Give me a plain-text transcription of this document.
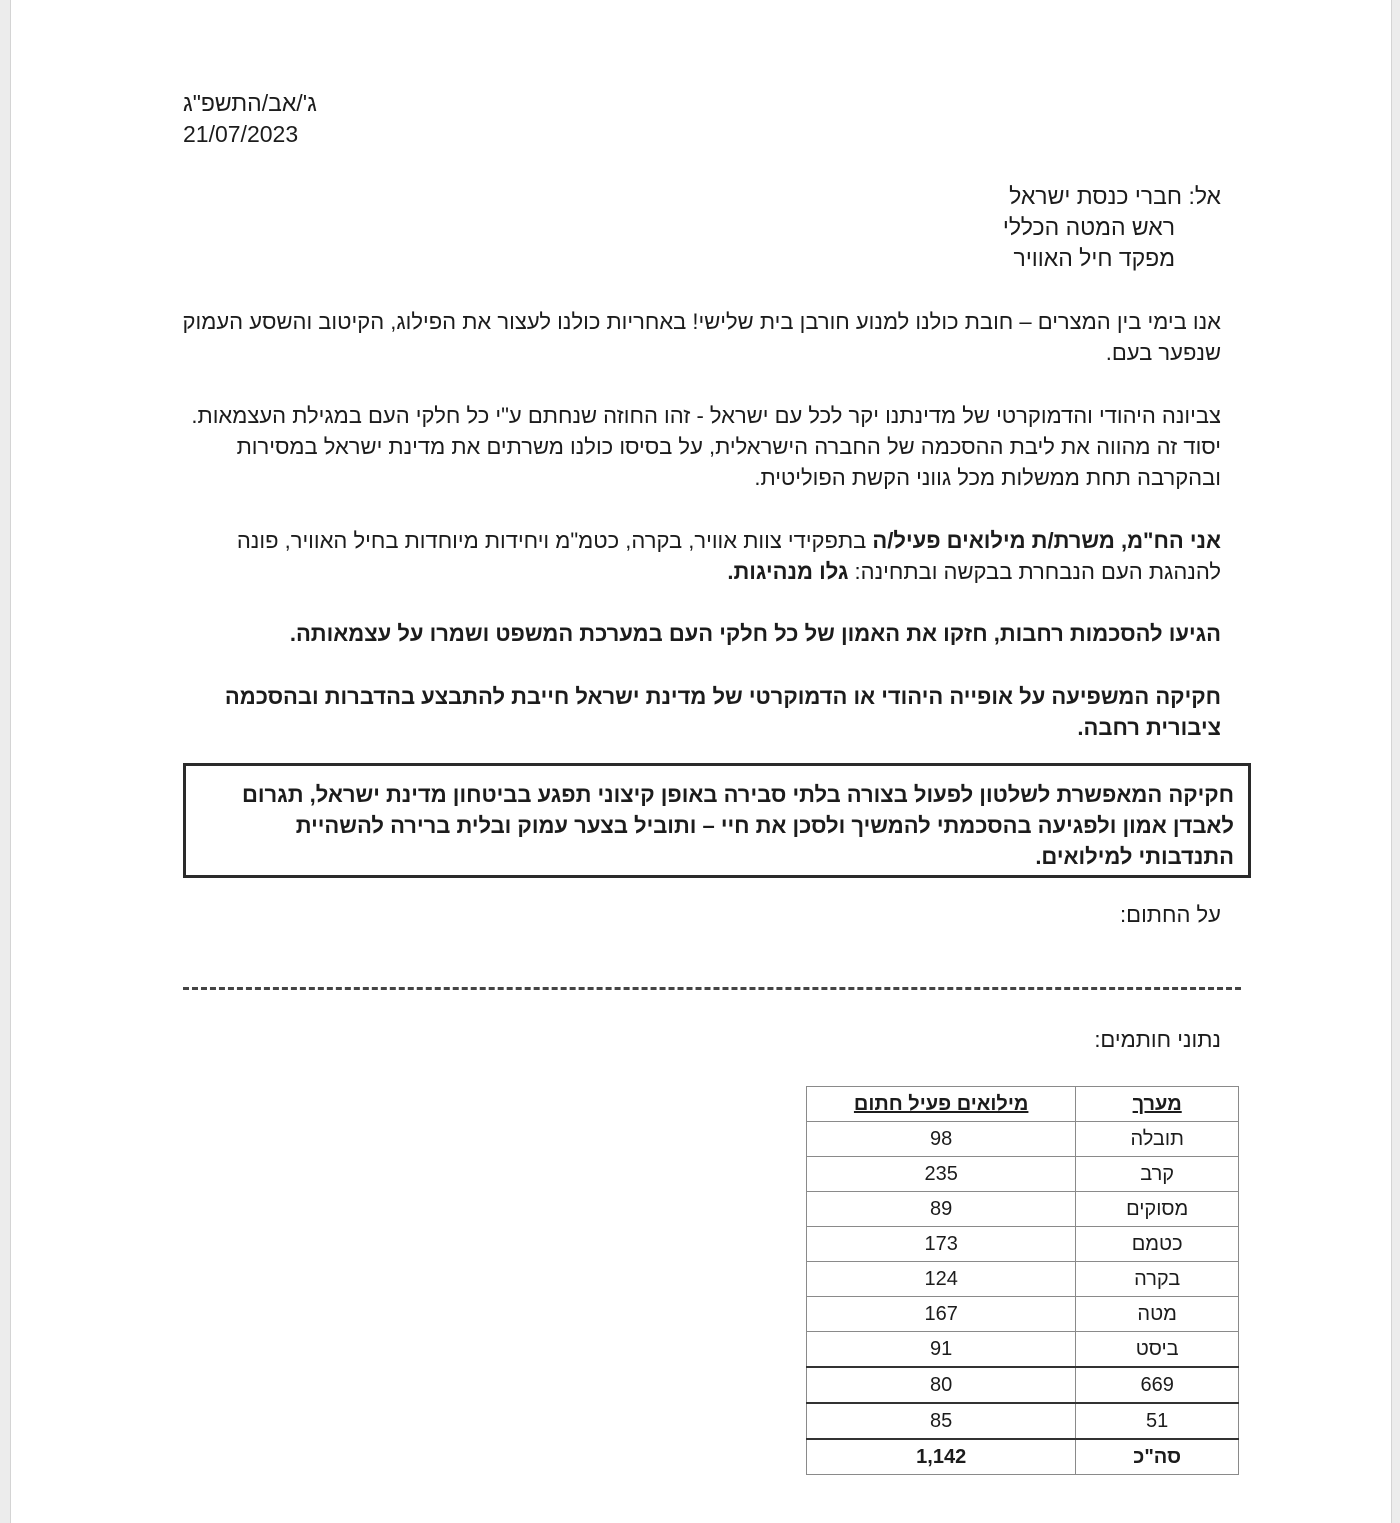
ג'/אב/התשפ"ג
21/07/2023
אל: חברי כנסת ישראל
ראש המטה הכללי
מפקד חיל האוויר
אנו בימי בין המצרים – חובת כולנו למנוע חורבן בית שלישי! באחריות כולנו לעצור את הפילוג, הקיטוב והשסע העמוק שנפער בעם.
צביונה היהודי והדמוקרטי של מדינתנו יקר לכל עם ישראל - זהו החוזה שנחתם ע"י כל חלקי העם במגילת העצמאות. יסוד זה מהווה את ליבת ההסכמה של החברה הישראלית, על בסיסו כולנו משרתים את מדינת ישראל במסירות ובהקרבה תחת ממשלות מכל גווני הקשת הפוליטית.
אני הח"מ, משרת/ת מילואים פעיל/ה בתפקידי צוות אוויר, בקרה, כטמ"מ ויחידות מיוחדות בחיל האוויר, פונה להנהגת העם הנבחרת בבקשה ובתחינה: גלו מנהיגות.
הגיעו להסכמות רחבות, חזקו את האמון של כל חלקי העם במערכת המשפט ושמרו על עצמאותה.
חקיקה המשפיעה על אופייה היהודי או הדמוקרטי של מדינת ישראל חייבת להתבצע בהדברות ובהסכמה ציבורית רחבה.
חקיקה המאפשרת לשלטון לפעול בצורה בלתי סבירה באופן קיצוני תפגע בביטחון מדינת ישראל, תגרום לאבדן אמון ולפגיעה בהסכמתי להמשיך ולסכן את חיי – ותוביל בצער עמוק ובלית ברירה להשהיית התנדבותי למילואים.
על החתום:
נתוני חותמים:
מערך	מילואים פעיל חתום
תובלה	98
קרב	235
מסוקים	89
כטמם	173
בקרה	124
מטה	167
ביסט	91
669	80
51	85
סה"כ	1,142
